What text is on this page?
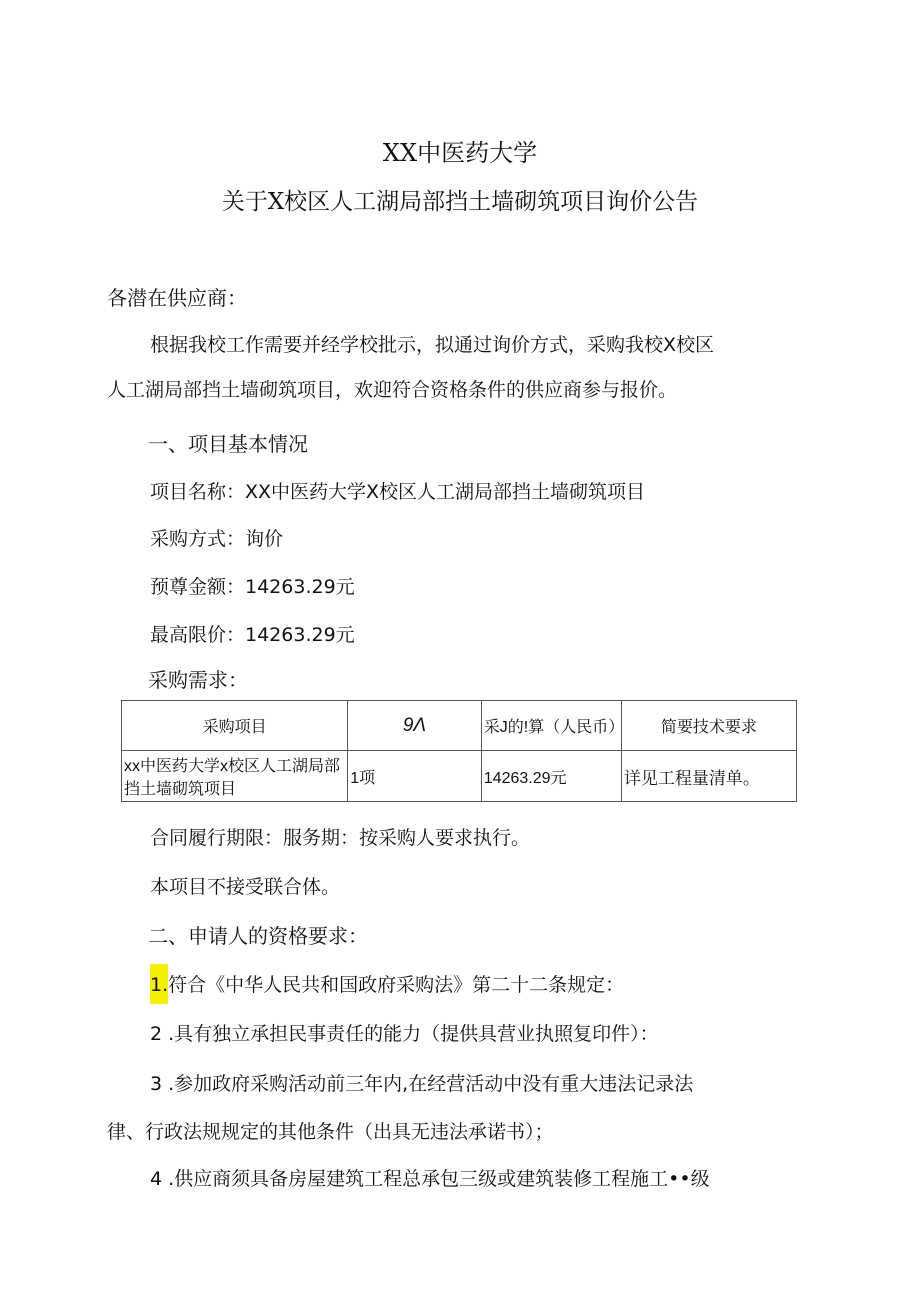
XX中医药大学
关于X校区人工湖局部挡土墙砌筑项目询价公告
各潜在供应商：
根据我校工作需要并经学校批示，拟通过询价方式，采购我校X校区
人工湖局部挡土墙砌筑项目，欢迎符合资格条件的供应商参与报价。
一、项目基本情况
项目名称：XX中医药大学X校区人工湖局部挡土墙砌筑项目
采购方式：询价
预尊金额：14263.29元
最高限价：14263.29元
采购需求：
采购项目	9Λ	采J的!算（人民币）	简要技术要求
xx中医药大学x校区人工湖局部挡土墙砌筑项目	1项	14263.29元	详见工程量清单。
合同履行期限：服务期：按采购人要求执行。
本项目不接受联合体。
二、申请人的资格要求：
1.符合《中华人民共和国政府采购法》第二十二条规定：
2 .具有独立承担民事责任的能力（提供具营业执照复印件）：
3 .参加政府采购活动前三年内,在经营活动中没有重大违法记录法
律、行政法规规定的其他条件（出具无违法承诺书）；
4 .供应商须具备房屋建筑工程总承包三级或建筑装修工程施工••级
